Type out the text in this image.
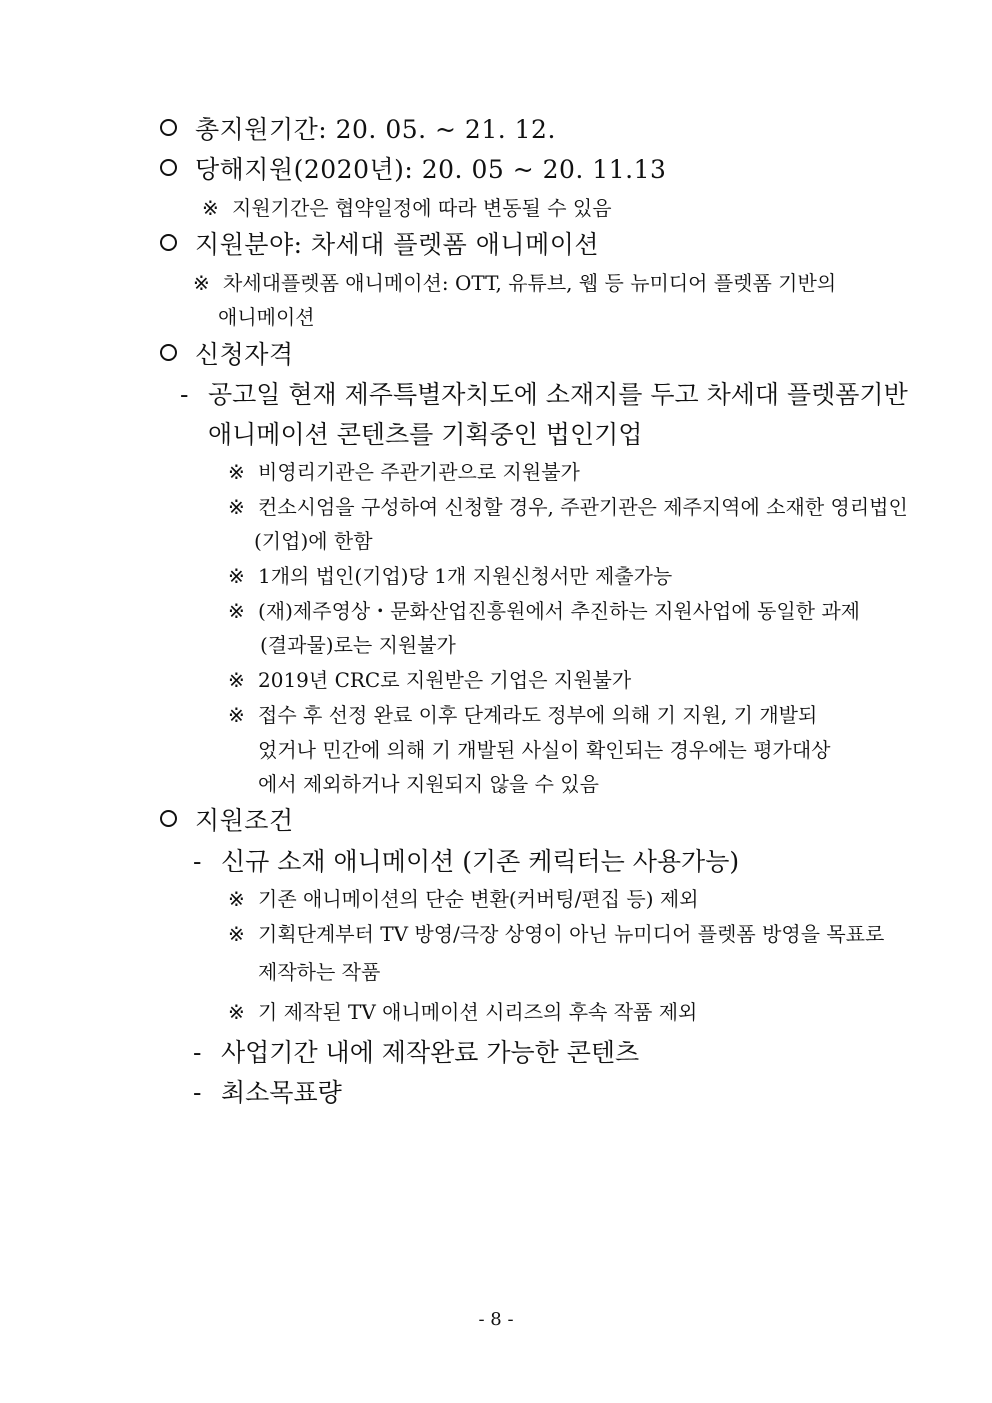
총지원기간: 20. 05. ~ 21. 12.
당해지원(2020년): 20. 05 ~ 20. 11.13
※ 지원기간은 협약일정에 따라 변동될 수 있음
지원분야: 차세대 플렛폼 애니메이션
※ 차세대플렛폼 애니메이션: OTT, 유튜브, 웹 등 뉴미디어 플렛폼 기반의
애니메이션
신청자격
- 공고일 현재 제주특별자치도에 소재지를 두고 차세대 플렛폼기반
애니메이션 콘텐츠를 기획중인 법인기업
※ 비영리기관은 주관기관으로 지원불가
※ 컨소시엄을 구성하여 신청할 경우, 주관기관은 제주지역에 소재한 영리법인
(기업)에 한함
※ 1개의 법인(기업)당 1개 지원신청서만 제출가능
※ (재)제주영상・문화산업진흥원에서 추진하는 지원사업에 동일한 과제
(결과물)로는 지원불가
※ 2019년 CRC로 지원받은 기업은 지원불가
※ 접수 후 선정 완료 이후 단계라도 정부에 의해 기 지원, 기 개발되
었거나 민간에 의해 기 개발된 사실이 확인되는 경우에는 평가대상
에서 제외하거나 지원되지 않을 수 있음
지원조건
- 신규 소재 애니메이션 (기존 케릭터는 사용가능)
※ 기존 애니메이션의 단순 변환(커버팅/편집 등) 제외
※ 기획단계부터 TV 방영/극장 상영이 아닌 뉴미디어 플렛폼 방영을 목표로
제작하는 작품
※ 기 제작된 TV 애니메이션 시리즈의 후속 작품 제외
- 사업기간 내에 제작완료 가능한 콘텐츠
- 최소목표량
- 8 -
